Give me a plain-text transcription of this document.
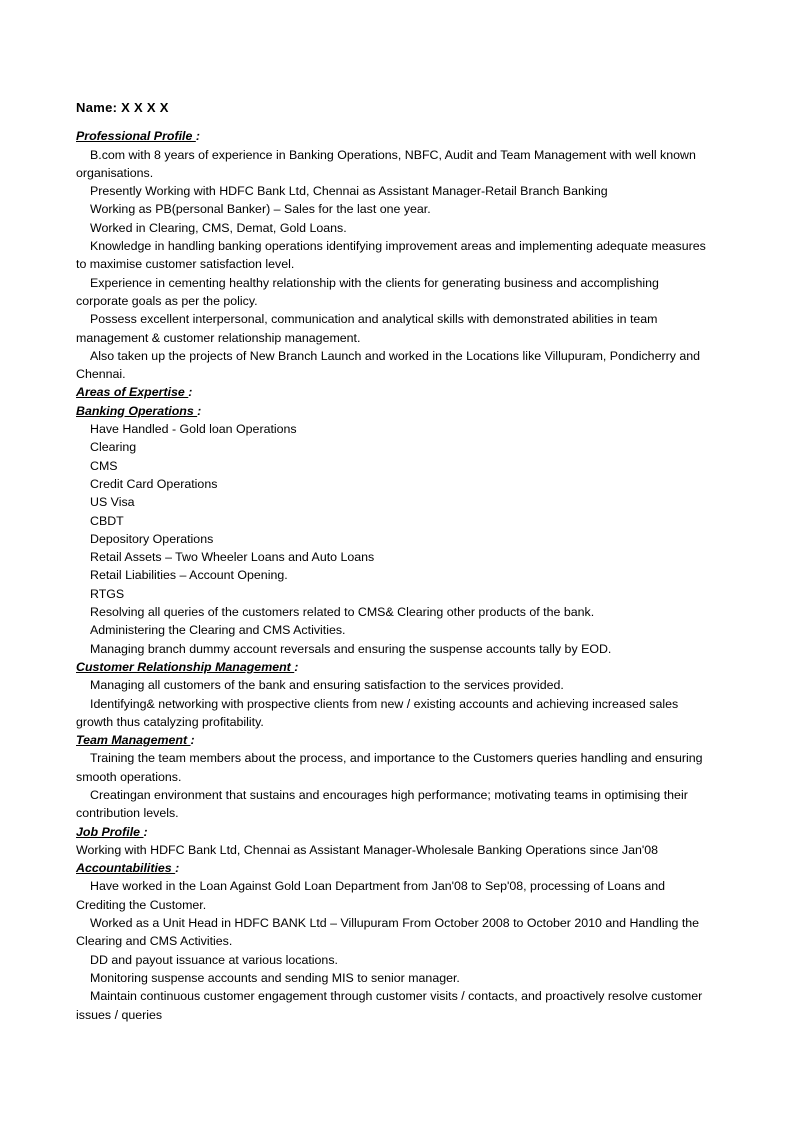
Name: X X X X
Professional Profile :
B.com with 8 years of experience in Banking Operations, NBFC, Audit and Team Management with well known organisations.
Presently Working with HDFC Bank Ltd, Chennai as Assistant Manager-Retail Branch Banking
Working as PB(personal Banker) – Sales for the last one year.
Worked in Clearing, CMS, Demat, Gold Loans.
Knowledge in handling banking operations identifying improvement areas and implementing adequate measures to maximise customer satisfaction level.
Experience in cementing healthy relationship with the clients for generating business and accomplishing corporate goals as per the policy.
Possess excellent interpersonal, communication and analytical skills with demonstrated abilities in team management & customer relationship management.
Also taken up the projects of New Branch Launch and worked in the Locations like Villupuram, Pondicherry and Chennai.
Areas of Expertise :
Banking Operations :
Have Handled - Gold loan Operations
Clearing
CMS
Credit Card Operations
US Visa
CBDT
Depository Operations
Retail Assets – Two Wheeler Loans and Auto Loans
Retail Liabilities – Account Opening.
RTGS
Resolving all queries of the customers related to CMS& Clearing other products of the bank.
Administering the Clearing and CMS Activities.
Managing branch dummy account reversals and ensuring the suspense accounts tally by EOD.
Customer Relationship Management :
Managing all customers of the bank and ensuring satisfaction to the services provided.
Identifying& networking with prospective clients from new / existing accounts and achieving increased sales growth thus catalyzing profitability.
Team Management :
Training the team members about the process, and importance to the Customers queries handling and ensuring smooth operations.
Creatingan environment that sustains and encourages high performance; motivating teams in optimising their contribution levels.
Job Profile :
Working with HDFC Bank Ltd, Chennai as Assistant Manager-Wholesale Banking Operations since Jan'08
Accountabilities :
Have worked in the Loan Against Gold Loan Department from Jan'08 to Sep'08, processing of Loans and Crediting the Customer.
Worked as a Unit Head in HDFC BANK Ltd – Villupuram From October 2008 to October 2010 and Handling the Clearing and CMS Activities.
DD and payout issuance at various locations.
Monitoring suspense accounts and sending MIS to senior manager.
Maintain continuous customer engagement through customer visits / contacts, and proactively resolve customer issues / queries
